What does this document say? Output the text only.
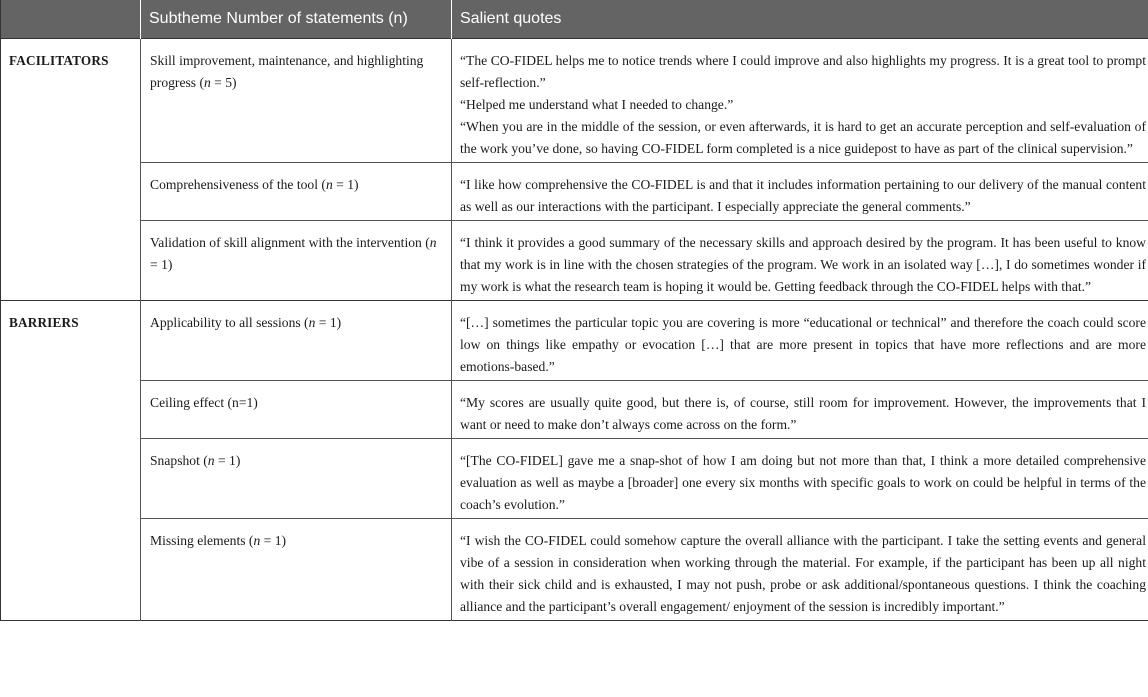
	Subtheme Number of statements (n)	Salient quotes
FACILITATORS	Skill improvement, maintenance, and highlighting progress (n = 5)	“The CO-FIDEL helps me to notice trends where I could improve and also highlights my progress. It is a great tool to prompt self-reflection.”
“Helped me understand what I needed to change.”
“When you are in the middle of the session, or even afterwards, it is hard to get an accurate perception and self-evaluation of the work you’ve done, so having CO-FIDEL form completed is a nice guidepost to have as part of the clinical supervision.”

	Comprehensiveness of the tool (n = 1)	“I like how comprehensive the CO-FIDEL is and that it includes information pertaining to our delivery of the manual content as well as our interactions with the participant. I especially appreciate the general comments.”

	Validation of skill alignment with the intervention (n = 1)	“I think it provides a good summary of the necessary skills and approach desired by the program. It has been useful to know that my work is in line with the chosen strategies of the program. We work in an isolated way […], I do sometimes wonder if my work is what the research team is hoping it would be. Getting feedback through the CO-FIDEL helps with that.”

BARRIERS	Applicability to all sessions (n = 1)	“[…] sometimes the particular topic you are covering is more “educational or technical” and therefore the coach could score low on things like empathy or evocation […] that are more present in topics that have more reflections and are more emotions-based.”

	Ceiling effect (n=1)	“My scores are usually quite good, but there is, of course, still room for improvement. However, the improvements that I want or need to make don’t always come across on the form.”

	Snapshot (n = 1)	“[The CO-FIDEL] gave me a snap-shot of how I am doing but not more than that, I think a more detailed comprehensive evaluation as well as maybe a [broader] one every six months with specific goals to work on could be helpful in terms of the coach’s evolution.”

	Missing elements (n = 1)	“I wish the CO-FIDEL could somehow capture the overall alliance with the participant. I take the setting events and general vibe of a session in consideration when working through the material. For example, if the participant has been up all night with their sick child and is exhausted, I may not push, probe or ask additional/spontaneous questions. I think the coaching alliance and the participant’s overall engagement/ enjoyment of the session is incredibly important.”
